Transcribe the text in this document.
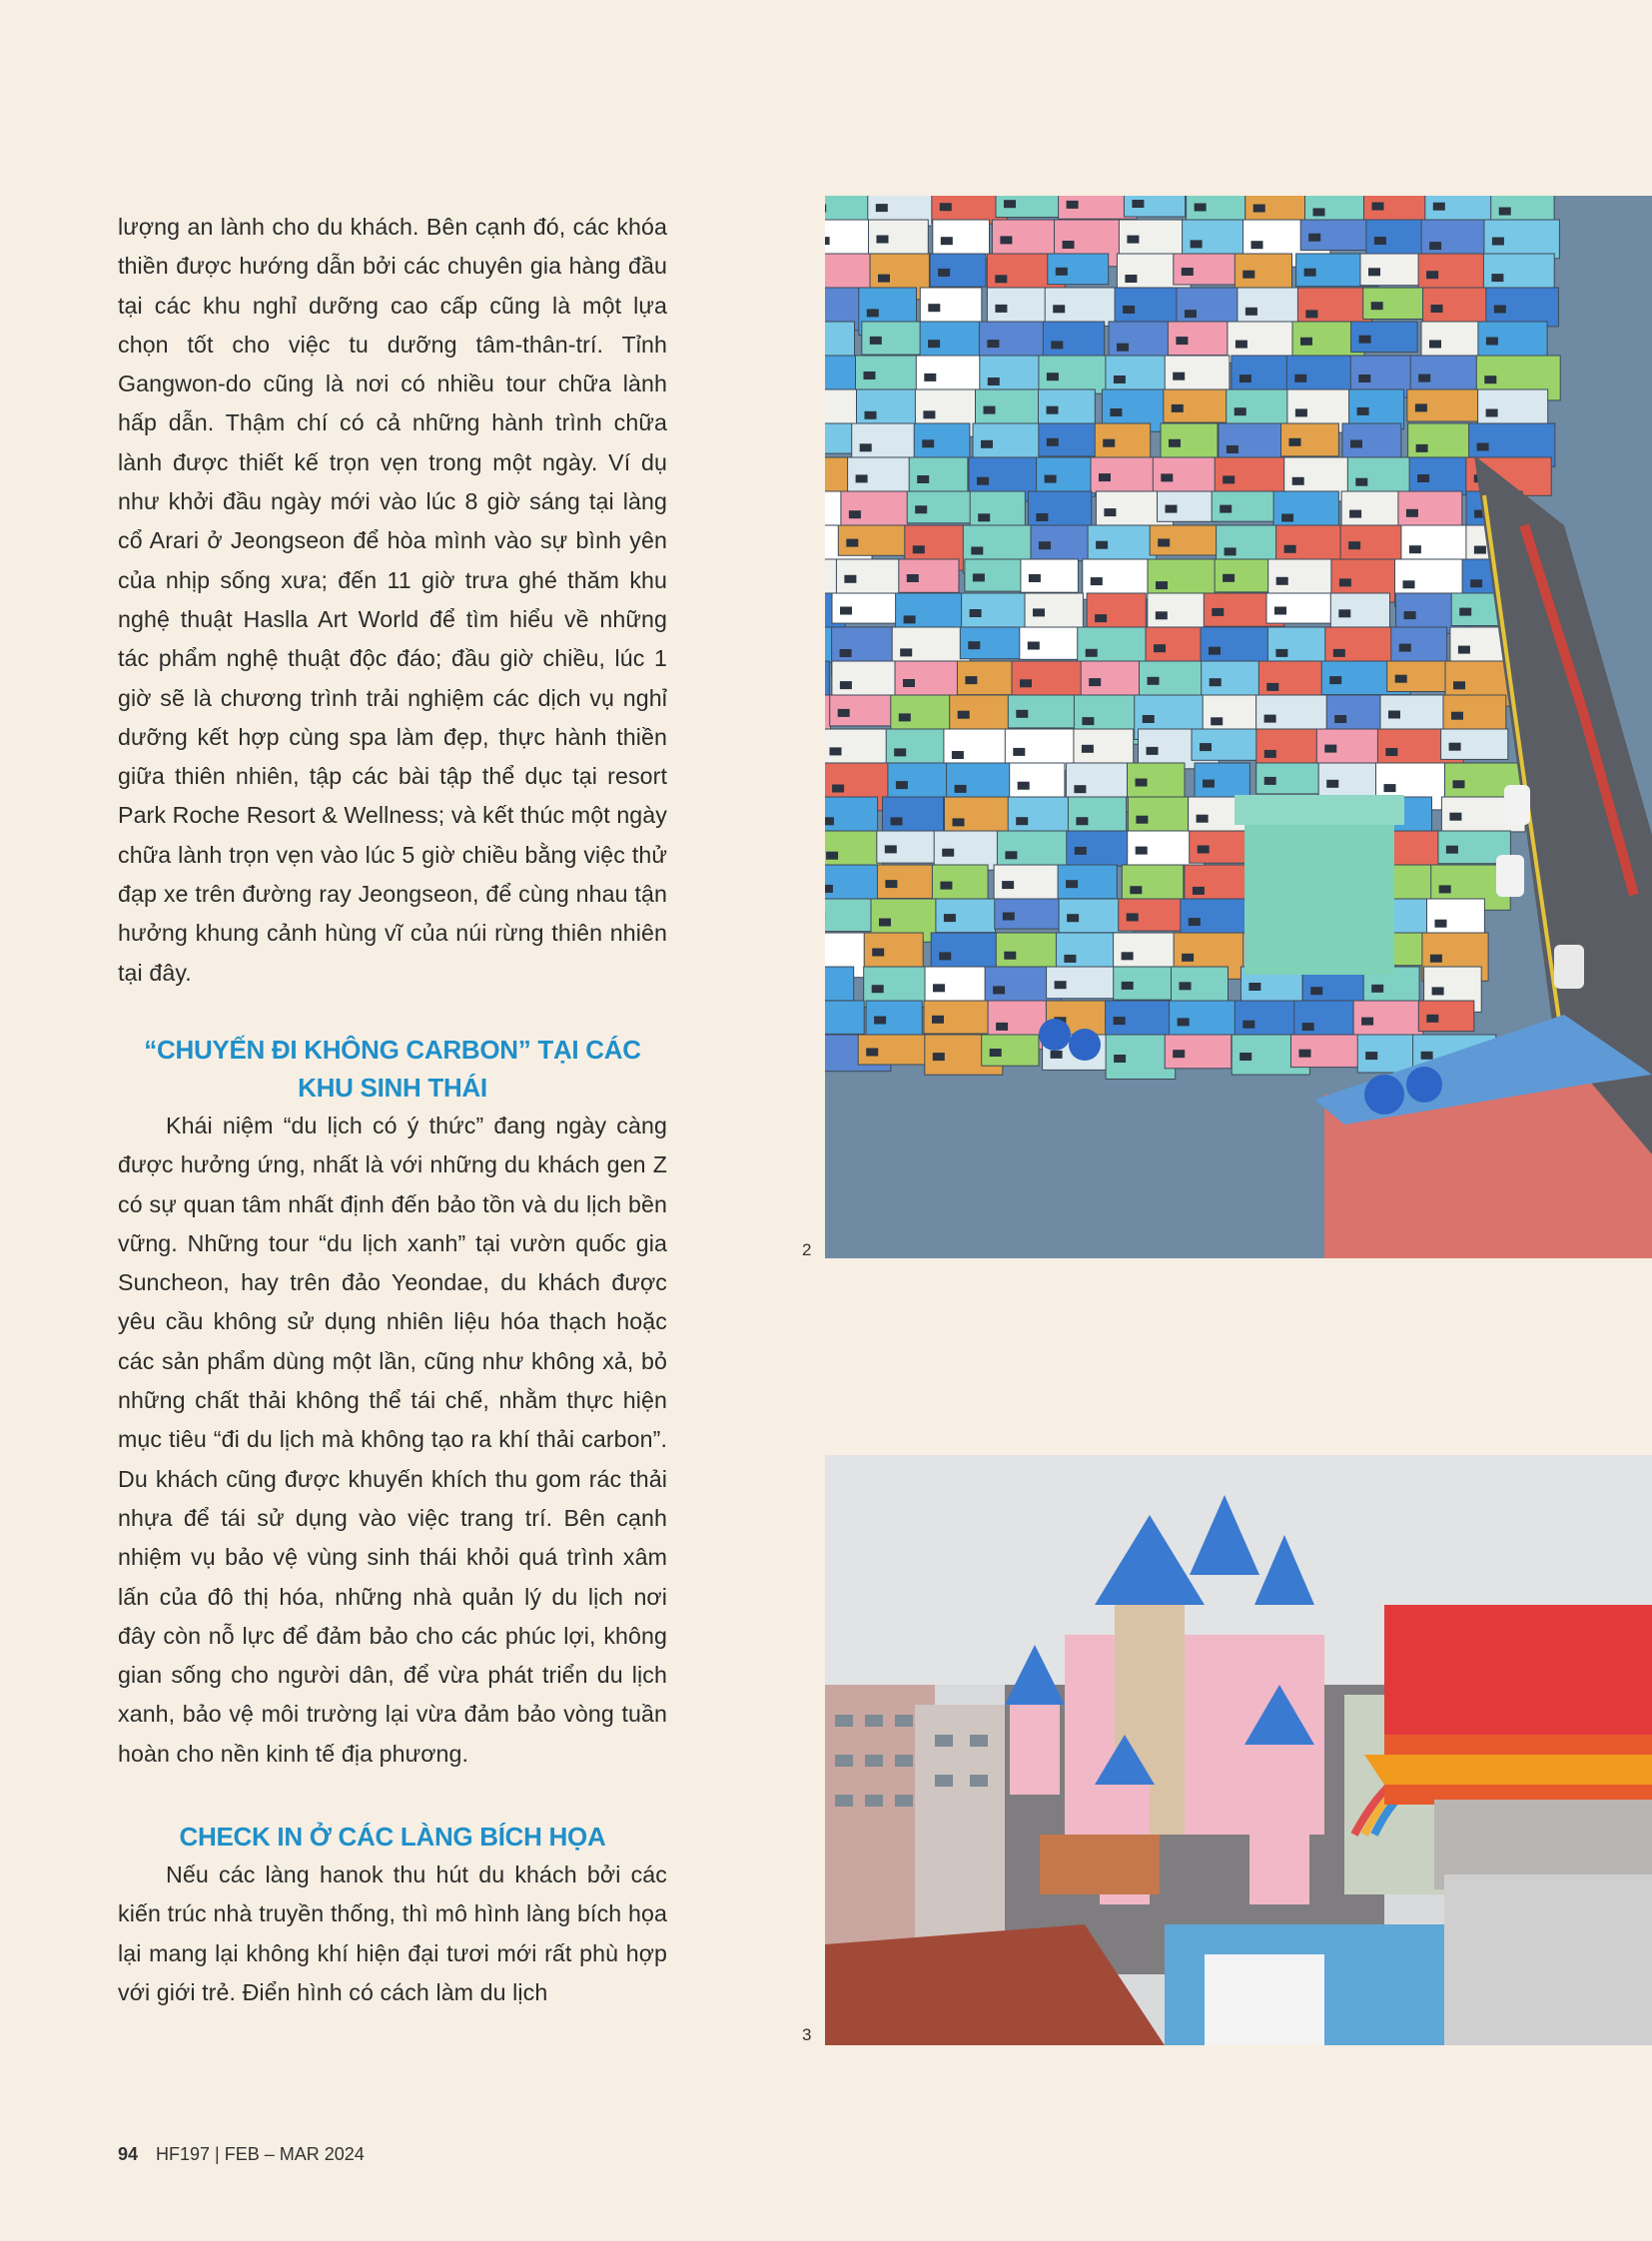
lượng an lành cho du khách. Bên cạnh đó, các khóa thiền được hướng dẫn bởi các chuyên gia hàng đầu tại các khu nghỉ dưỡng cao cấp cũng là một lựa chọn tốt cho việc tu dưỡng tâm-thân-trí. Tỉnh Gangwon-do cũng là nơi có nhiều tour chữa lành hấp dẫn. Thậm chí có cả những hành trình chữa lành được thiết kế trọn vẹn trong một ngày. Ví dụ như khởi đầu ngày mới vào lúc 8 giờ sáng tại làng cổ Arari ở Jeongseon để hòa mình vào sự bình yên của nhịp sống xưa; đến 11 giờ trưa ghé thăm khu nghệ thuật Haslla Art World để tìm hiểu về những tác phẩm nghệ thuật độc đáo; đầu giờ chiều, lúc 1 giờ sẽ là chương trình trải nghiệm các dịch vụ nghỉ dưỡng kết hợp cùng spa làm đẹp, thực hành thiền giữa thiên nhiên, tập các bài tập thể dục tại resort Park Roche Resort & Wellness; và kết thúc một ngày chữa lành trọn vẹn vào lúc 5 giờ chiều bằng việc thử đạp xe trên đường ray Jeongseon, để cùng nhau tận hưởng khung cảnh hùng vĩ của núi rừng thiên nhiên tại đây.

“CHUYẾN ĐI KHÔNG CARBON” TẠI CÁC KHU SINH THÁI

Khái niệm “du lịch có ý thức” đang ngày càng được hưởng ứng, nhất là với những du khách gen Z có sự quan tâm nhất định đến bảo tồn và du lịch bền vững. Những tour “du lịch xanh” tại vườn quốc gia Suncheon, hay trên đảo Yeondae, du khách được yêu cầu không sử dụng nhiên liệu hóa thạch hoặc các sản phẩm dùng một lần, cũng như không xả, bỏ những chất thải không thể tái chế, nhằm thực hiện mục tiêu “đi du lịch mà không tạo ra khí thải carbon”. Du khách cũng được khuyến khích thu gom rác thải nhựa để tái sử dụng vào việc trang trí. Bên cạnh nhiệm vụ bảo vệ vùng sinh thái khỏi quá trình xâm lấn của đô thị hóa, những nhà quản lý du lịch nơi đây còn nỗ lực để đảm bảo cho các phúc lợi, không gian sống cho người dân, để vừa phát triển du lịch xanh, bảo vệ môi trường lại vừa đảm bảo vòng tuần hoàn cho nền kinh tế địa phương.

CHECK IN Ở CÁC LÀNG BÍCH HỌA

Nếu các làng hanok thu hút du khách bởi các kiến trúc nhà truyền thống, thì mô hình làng bích họa lại mang lại không khí hiện đại tươi mới rất phù hợp với giới trẻ. Điển hình có cách làm du lịch

2
3
94 HF197 | FEB – MAR 2024
